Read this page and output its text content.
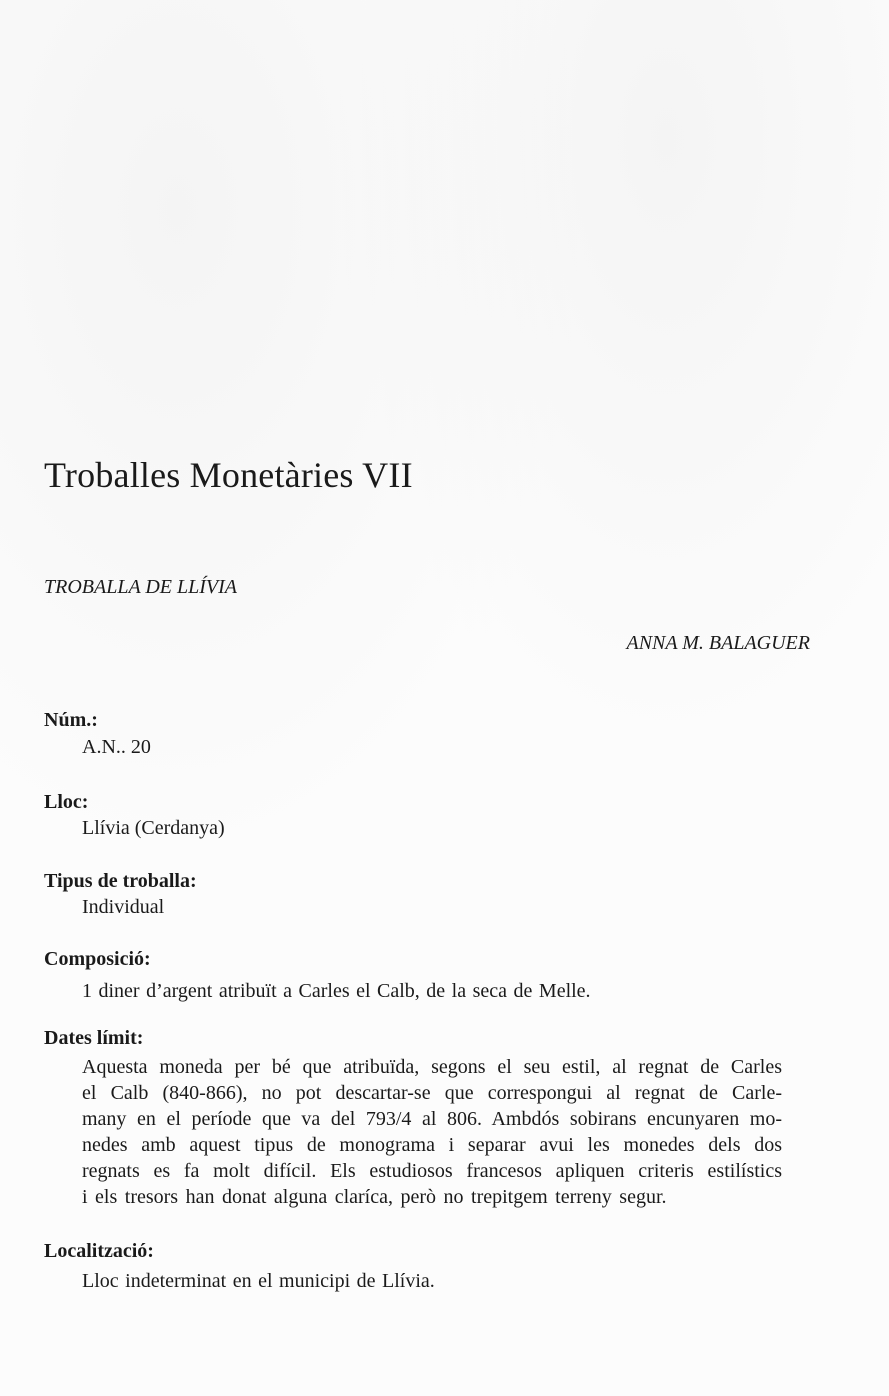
Troballes Monetàries VII
TROBALLA DE LLÍVIA
ANNA M. BALAGUER
Núm.:
A.N.. 20
Lloc:
Llívia (Cerdanya)
Tipus de troballa:
Individual
Composició:
1 diner d’argent atribuït a Carles el Calb, de la seca de Melle.
Dates límit:
Aquesta moneda per bé que atribuïda, segons el seu estil, al regnat de Carles
el Calb (840-866), no pot descartar-se que correspongui al regnat de Carle-
many en el període que va del 793/4 al 806. Ambdós sobirans encunyaren mo-
nedes amb aquest tipus de monograma i separar avui les monedes dels dos
regnats es fa molt difícil. Els estudiosos francesos apliquen criteris estilístics
i els tresors han donat alguna claríca, però no trepitgem terreny segur.
Localització:
Lloc indeterminat en el municipi de Llívia.
